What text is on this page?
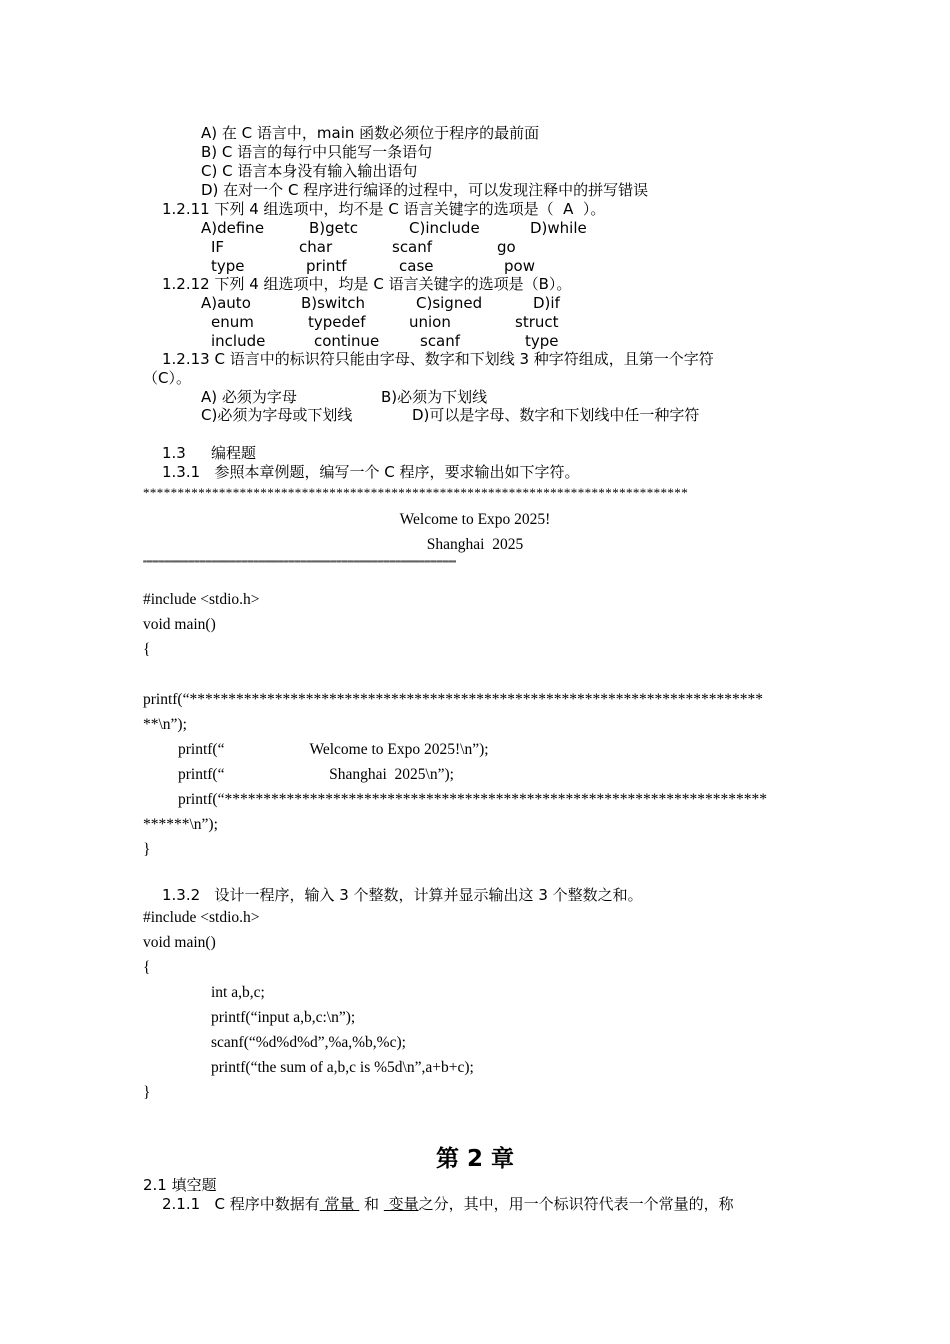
A) 在 C 语言中，main 函数必须位于程序的最前面
B) C 语言的每行中只能写一条语句
C) C 语言本身没有输入输出语句
D) 在对一个 C 程序进行编译的过程中，可以发现注释中的拼写错误
1.2.11 下列 4 组选项中，均不是 C 语言关键字的选项是（  A  ）。
A)define	B)getc	C)include	D)while
IF	char	scanf	go
type	printf	case	pow
1.2.12 下列 4 组选项中，均是 C 语言关键字的选项是（B）。
A)auto	B)switch	C)signed	D)if
enum	typedef	union	struct
include	continue	scanf	type
1.2.13 C 语言中的标识符只能由字母、数字和下划线 3 种字符组成，且第一个字符
（C）。
A) 必须为字母	B)必须为下划线
C)必须为字母或下划线	D)可以是字母、数字和下划线中任一种字符
1.3 编程题
1.3.1   参照本章例题，编写一个 C 程序，要求输出如下字符。
*******************************************************************************
Welcome to Expo 2025!
Shanghai  2025
''''''''''''''''''''''''''''''''''''''''''''''''''''''''''''''''''''''''''''''''''''''''''''''''''''''''''''''''''''''''''''''''''''''''''''''''''''''''''''''''''''''''''''''''''''''''''''''''''''''''''''''''''''''''''''''''''''''''''''''''''''''''''''''''''''''''''''''''''''''''''''''''''''''''''''''''''
#include <stdio.h>
void main()
{
printf(“**************************************************************************
**\n”);
printf(“                      Welcome to Expo 2025!\n”);
printf(“                           Shanghai  2025\n”);
printf(“**********************************************************************
******\n”);
}
1.3.2   设计一程序，输入 3 个整数，计算并显示输出这 3 个整数之和。
#include <stdio.h>
void main()
{
int a,b,c;
printf(“input a,b,c:\n”);
scanf(“%d%d%d”,%a,%b,%c);
printf(“the sum of a,b,c is %5d\n”,a+b+c);
}
第 2 章
2.1 填空题
2.1.1   C 程序中数据有 常量  和  变量之分，其中，用一个标识符代表一个常量的，称
